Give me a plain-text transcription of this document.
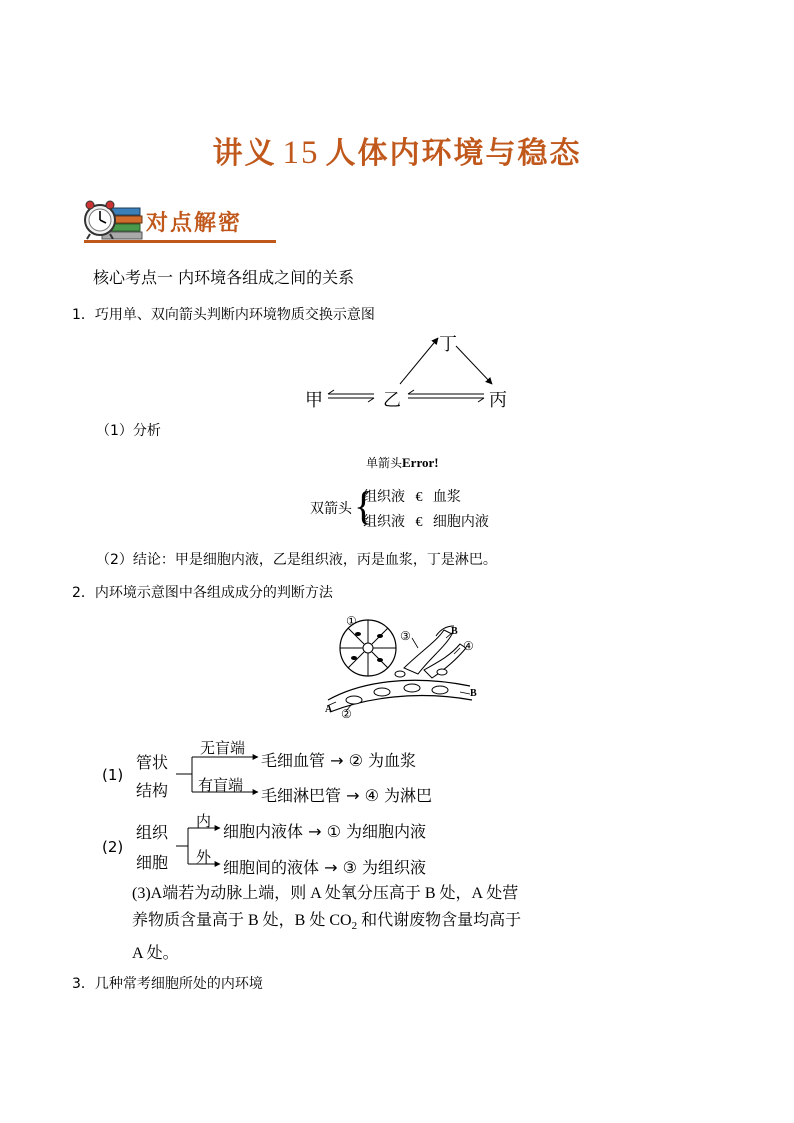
讲义 15 人体内环境与稳态
对点解密
核心考点一 内环境各组成之间的关系
1．巧用单、双向箭头判断内环境物质交换示意图
甲	乙	丙
丁
（1）分析
单箭头Error!
双箭头 {
组织液 € 血浆
组织液 € 细胞内液
（2）结论：甲是细胞内液，乙是组织液，丙是血浆，丁是淋巴。
2．内环境示意图中各组成成分的判断方法
①
②
③
④
A
B
B
(1)
管状
结构
无盲端
有盲端
毛细血管 → ② 为血浆
毛细淋巴管 → ④ 为淋巴
(2)
组织
细胞
内
外
细胞内液体 → ① 为细胞内液
细胞间的液体 → ③ 为组织液
(3)A端若为动脉上端，则 A 处氧分压高于 B 处，A 处营养物质含量高于 B 处，B 处 $CO_2$ 和代谢废物含量均高于 A 处。
3．几种常考细胞所处的内环境
